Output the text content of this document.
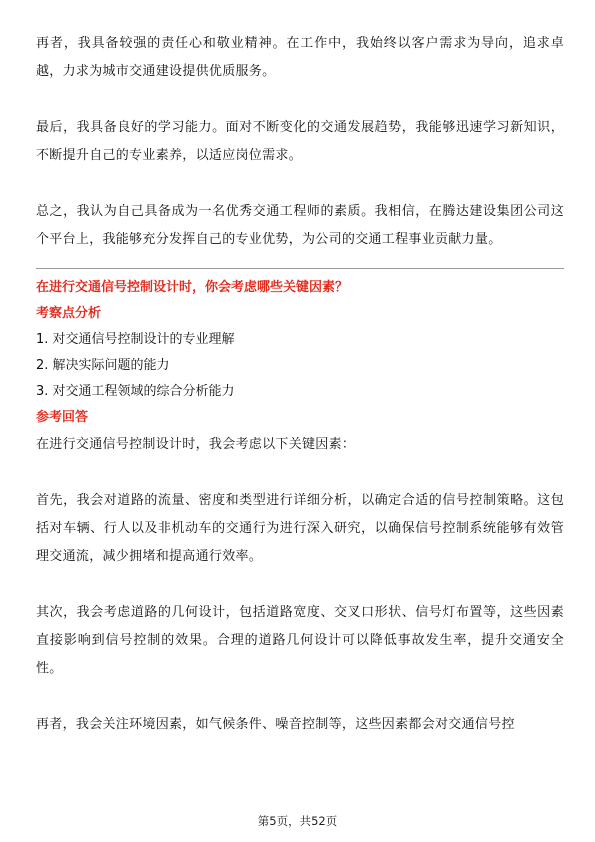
再者，我具备较强的责任心和敬业精神。在工作中，我始终以客户需求为导向，追求卓越，力求为城市交通建设提供优质服务。

最后，我具备良好的学习能力。面对不断变化的交通发展趋势，我能够迅速学习新知识，不断提升自己的专业素养，以适应岗位需求。

总之，我认为自己具备成为一名优秀交通工程师的素质。我相信，在腾达建设集团公司这个平台上，我能够充分发挥自己的专业优势，为公司的交通工程事业贡献力量。

在进行交通信号控制设计时，你会考虑哪些关键因素？
考察点分析
1. 对交通信号控制设计的专业理解
2. 解决实际问题的能力
3. 对交通工程领域的综合分析能力
参考回答

在进行交通信号控制设计时，我会考虑以下关键因素：

首先，我会对道路的流量、密度和类型进行详细分析，以确定合适的信号控制策略。这包括对车辆、行人以及非机动车的交通行为进行深入研究，以确保信号控制系统能够有效管理交通流，减少拥堵和提高通行效率。

其次，我会考虑道路的几何设计，包括道路宽度、交叉口形状、信号灯布置等，这些因素直接影响到信号控制的效果。合理的道路几何设计可以降低事故发生率，提升交通安全性。

再者，我会关注环境因素，如气候条件、噪音控制等，这些因素都会对交通信号控

第5页，共52页
